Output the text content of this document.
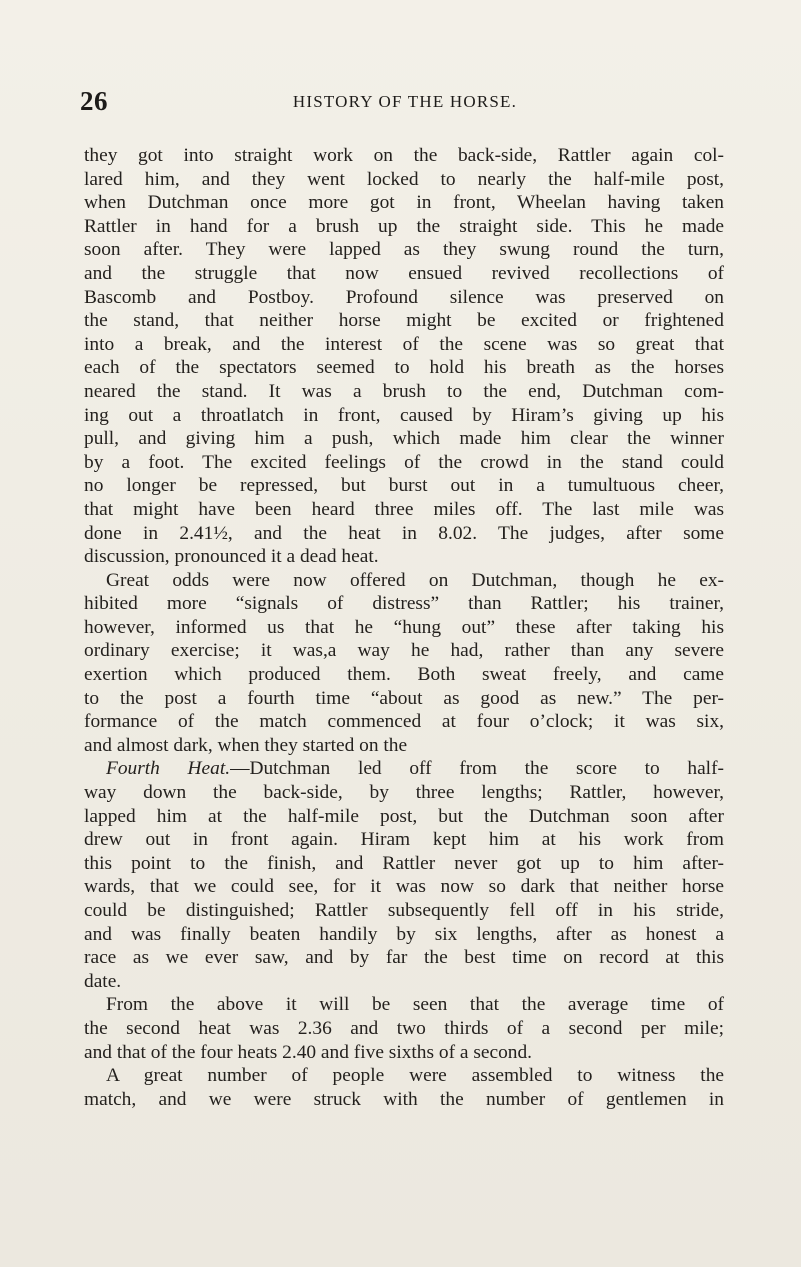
26	HISTORY OF THE HORSE.
they got into straight work on the back-side, Rattler again col-
lared him, and they went locked to nearly the half-mile post,
when Dutchman once more got in front, Wheelan having taken
Rattler in hand for a brush up the straight side. This he made
soon after. They were lapped as they swung round the turn,
and the struggle that now ensued revived recollections of
Bascomb and Postboy. Profound silence was preserved on
the stand, that neither horse might be excited or frightened
into a break, and the interest of the scene was so great that
each of the spectators seemed to hold his breath as the horses
neared the stand. It was a brush to the end, Dutchman com-
ing out a throatlatch in front, caused by Hiram’s giving up his
pull, and giving him a push, which made him clear the winner
by a foot. The excited feelings of the crowd in the stand could
no longer be repressed, but burst out in a tumultuous cheer,
that might have been heard three miles off. The last mile was
done in 2.41½, and the heat in 8.02. The judges, after some
discussion, pronounced it a dead heat.
Great odds were now offered on Dutchman, though he ex-
hibited more “signals of distress” than Rattler; his trainer,
however, informed us that he “hung out” these after taking his
ordinary exercise; it was,a way he had, rather than any severe
exertion which produced them. Both sweat freely, and came
to the post a fourth time “about as good as new.” The per-
formance of the match commenced at four o’clock; it was six,
and almost dark, when they started on the
Fourth Heat.—Dutchman led off from the score to half-
way down the back-side, by three lengths; Rattler, however,
lapped him at the half-mile post, but the Dutchman soon after
drew out in front again. Hiram kept him at his work from
this point to the finish, and Rattler never got up to him after-
wards, that we could see, for it was now so dark that neither horse
could be distinguished; Rattler subsequently fell off in his stride,
and was finally beaten handily by six lengths, after as honest a
race as we ever saw, and by far the best time on record at this
date.
From the above it will be seen that the average time of
the second heat was 2.36 and two thirds of a second per mile;
and that of the four heats 2.40 and five sixths of a second.
A great number of people were assembled to witness the
match, and we were struck with the number of gentlemen in
